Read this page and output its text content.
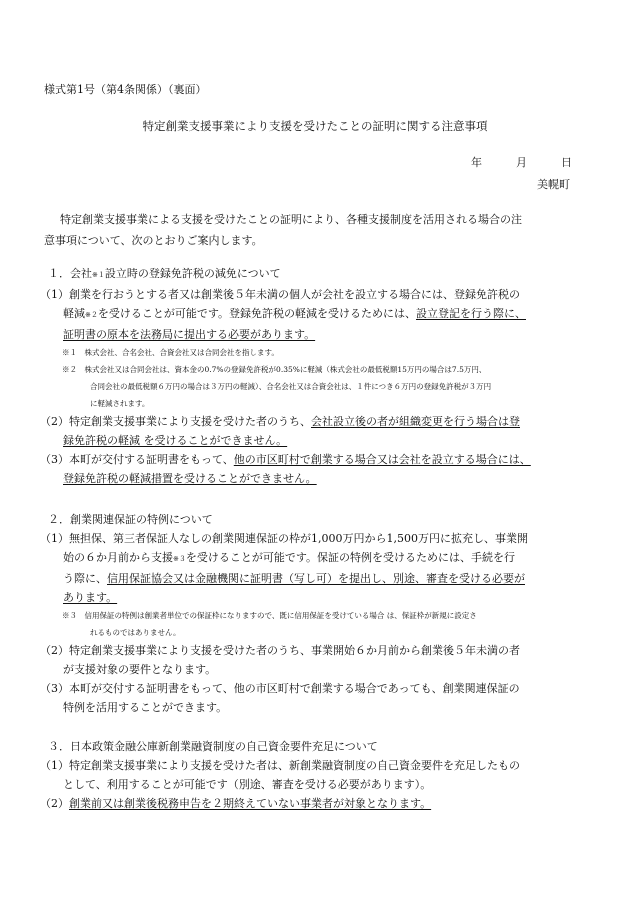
様式第1号（第4条関係）（裏面）
特定創業支援事業により支援を受けたことの証明に関する注意事項
年	月	日
美幌町
特定創業支援事業による支援を受けたことの証明により、各種支援制度を活用される場合の注
意事項について、次のとおりご案内します。
１．会社※１設立時の登録免許税の減免について
（1）創業を行おうとする者又は創業後５年未満の個人が会社を設立する場合には、登録免許税の
軽減※２を受けることが可能です。登録免許税の軽減を受けるためには、設立登記を行う際に、
証明書の原本を法務局に提出する必要があります。
※１　株式会社、合名会社、合資会社又は合同会社を指します。
※２　株式会社又は合同会社は、資本金の0.7%の登録免許税が0.35%に軽減（株式会社の最低税額15万円の場合は7.5万円、
合同会社の最低税額６万円の場合は３万円の軽減）、合名会社又は合資会社は、１件につき６万円の登録免許税が３万円
に軽減されます。
（2）特定創業支援事業により支援を受けた者のうち、会社設立後の者が組織変更を行う場合は登
録免許税の軽減 を受けることができません。
（3）本町が交付する証明書をもって、他の市区町村で創業する場合又は会社を設立する場合には、
登録免許税の軽減措置を受けることができません。
２．創業関連保証の特例について
（1）無担保、第三者保証人なしの創業関連保証の枠が1,000万円から1,500万円に拡充し、事業開
始の６か月前から支援※３を受けることが可能です。保証の特例を受けるためには、手続を行
う際に、信用保証協会又は金融機関に証明書（写し可）を提出し、別途、審査を受ける必要が
あります。
※３　信用保証の特例は創業者単位での保証枠になりますので、既に信用保証を受けている場合 は、保証枠が新規に設定さ
れるものではありません。
（2）特定創業支援事業により支援を受けた者のうち、事業開始６か月前から創業後５年未満の者
が支援対象の要件となります。
（3）本町が交付する証明書をもって、他の市区町村で創業する場合であっても、創業関連保証の
特例を活用することができます。
３．日本政策金融公庫新創業融資制度の自己資金要件充足について
（1）特定創業支援事業により支援を受けた者は、新創業融資制度の自己資金要件を充足したもの
として、利用することが可能です（別途、審査を受ける必要があります）。
（2）創業前又は創業後税務申告を２期終えていない事業者が対象となります。
